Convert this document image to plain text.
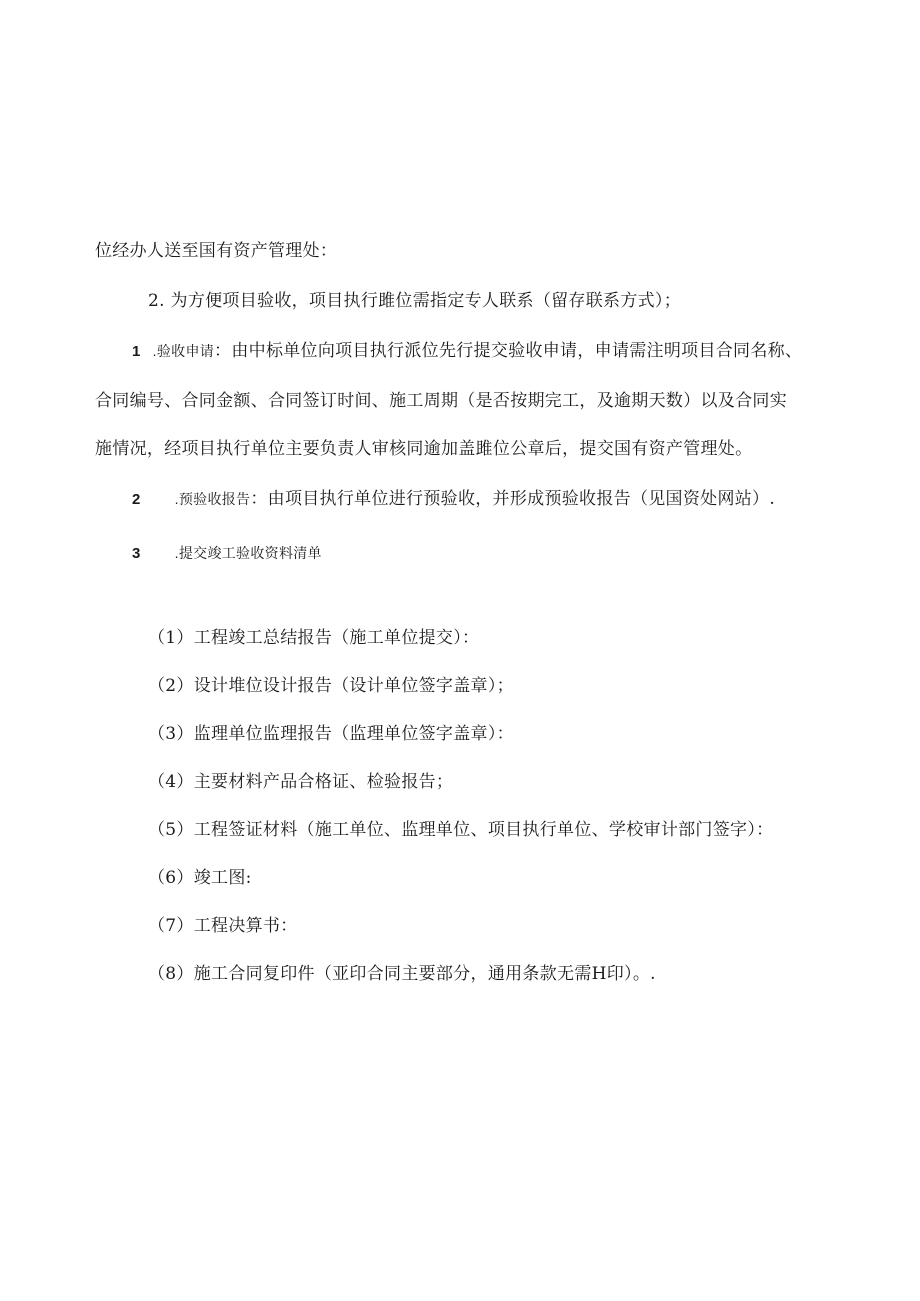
位经办人送至国有资产管理处：
2. 为方便项目验收，项目执行雎位需指定专人联系（留存联系方式）；
1 .验收申请：由中标单位向项目执行派位先行提交验收申请，申请需注明项目合同名称、
合同编号、合同金额、合同签订时间、施工周期（是否按期完工，及逾期天数）以及合同实
施情况，经项目执行单位主要负责人审核同逾加盖雎位公章后，提交国有资产管理处。
2 .预验收报告：由项目执行单位进行预验收，并形成预验收报告（见国资处网站）.
3 .提交竣工验收资料清单
（1）工程竣工总结报告（施工单位提交）：
（2）设计堆位设计报告（设计单位签字盖章）；
（3）监理单位监理报告（监理单位签字盖章）：
（4）主要材料产品合格证、检验报告；
（5）工程签证材料（施工单位、监理单位、项目执行单位、学校审计部门签字）：
（6）竣工图:
（7）工程决算书：
（8）施工合同复印件（亚印合同主要部分，通用条款无需H印）。.
